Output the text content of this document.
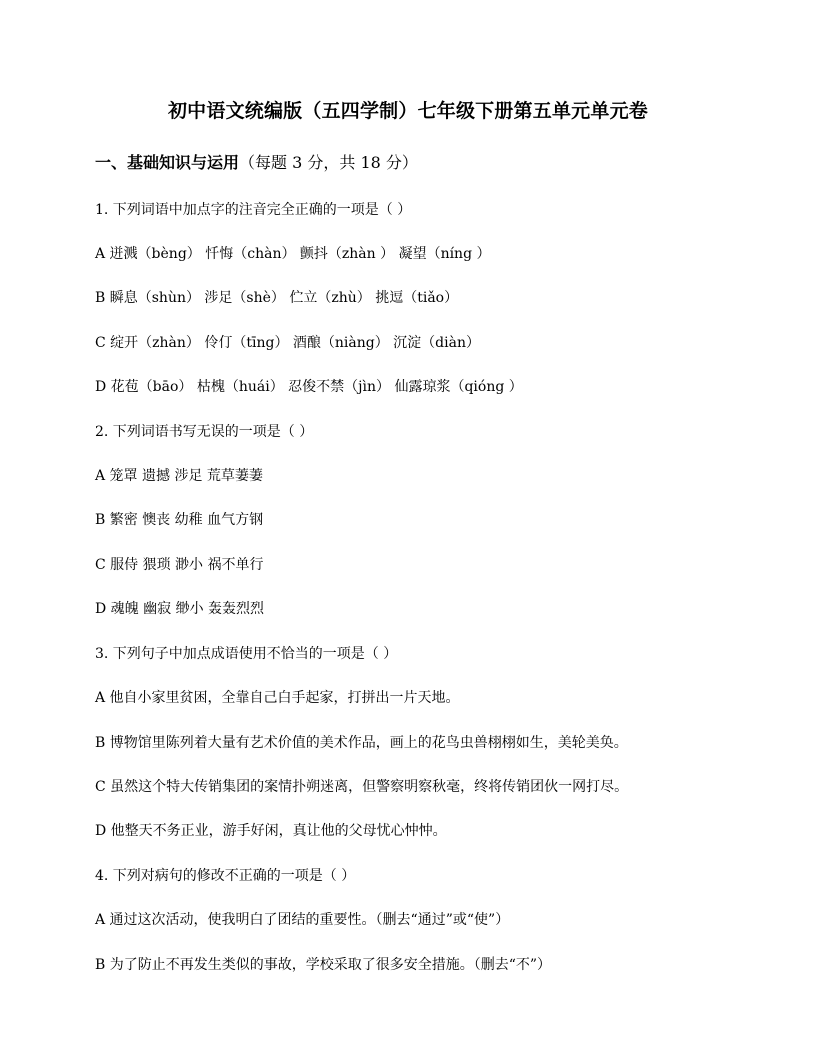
初中语文统编版（五四学制）七年级下册第五单元单元卷
一、基础知识与运用（每题 3 分，共 18 分）
1. 下列词语中加点字的注音完全正确的一项是（ ）
A 迸溅（bèng） 忏悔（chàn） 颤抖（zhàn ） 凝望（níng ）
B 瞬息（shùn） 涉足（shè） 伫立（zhù） 挑逗（tiǎo）
C 绽开（zhàn） 伶仃（tīng） 酒酿（niàng） 沉淀（diàn）
D 花苞（bāo） 枯槐（huái） 忍俊不禁（jìn） 仙露琼浆（qióng ）
2. 下列词语书写无误的一项是（ ）
A 笼罩 遗撼 涉足 荒草萋萋
B 繁密 懊丧 幼稚 血气方钢
C 服侍 猥琐 渺小 祸不单行
D 魂魄 幽寂 缈小 轰轰烈烈
3. 下列句子中加点成语使用不恰当的一项是（ ）
A 他自小家里贫困，全靠自己白手起家，打拼出一片天地。
B 博物馆里陈列着大量有艺术价值的美术作品，画上的花鸟虫兽栩栩如生，美轮美奂。
C 虽然这个特大传销集团的案情扑朔迷离，但警察明察秋毫，终将传销团伙一网打尽。
D 他整天不务正业，游手好闲，真让他的父母忧心忡忡。
4. 下列对病句的修改不正确的一项是（ ）
A 通过这次活动，使我明白了团结的重要性。（删去“通过”或“使”）
B 为了防止不再发生类似的事故，学校采取了很多安全措施。（删去“不”）
